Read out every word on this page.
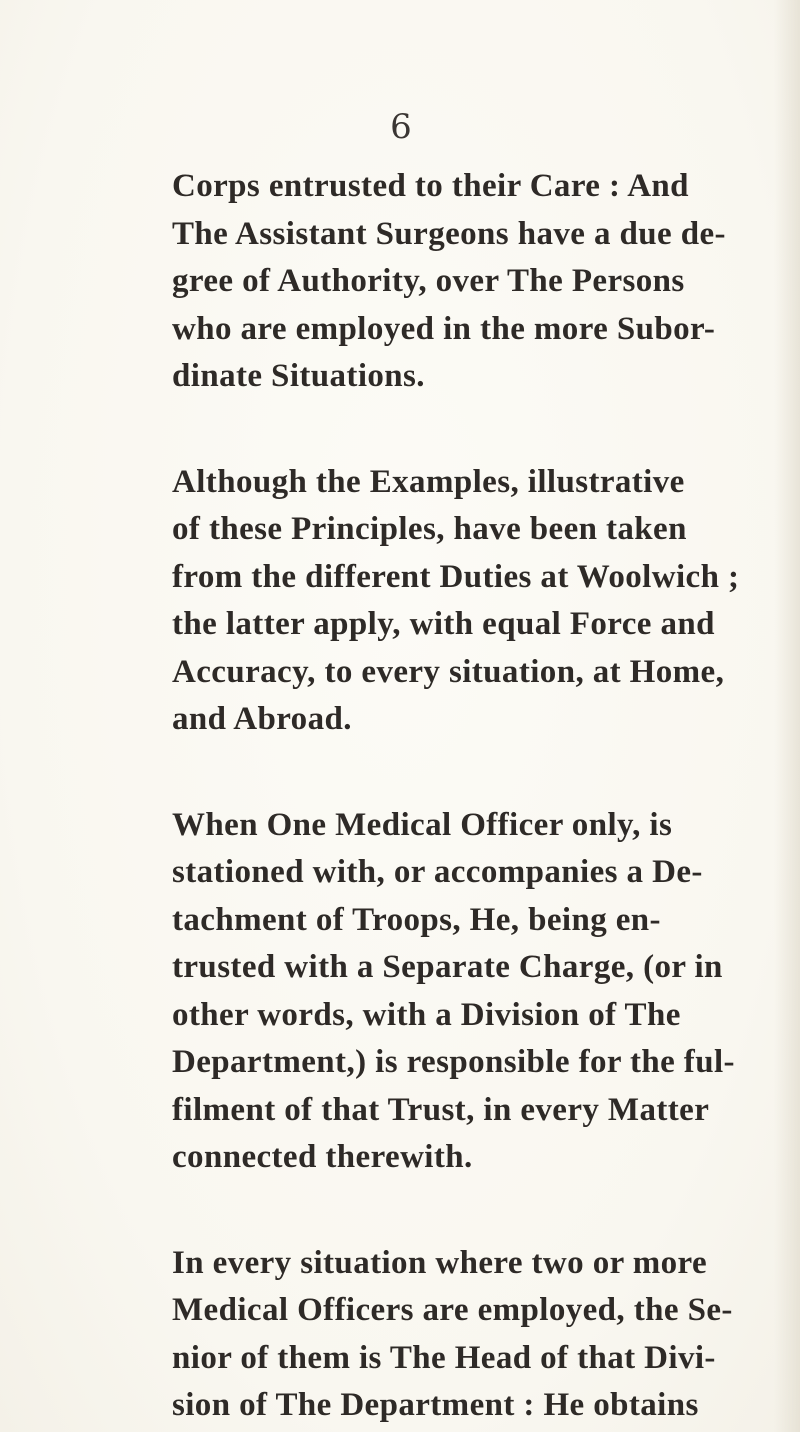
6
Corps entrusted to their Care : And
The Assistant Surgeons have a due de-
gree of Authority, over The Persons
who are employed in the more Subor-
dinate Situations.
Although the Examples, illustrative
of these Principles, have been taken
from the different Duties at Woolwich ;
the latter apply, with equal Force and
Accuracy, to every situation, at Home,
and Abroad.
When One Medical Officer only, is
stationed with, or accompanies a De-
tachment of Troops, He, being en-
trusted with a Separate Charge, (or in
other words, with a Division of The
Department,) is responsible for the ful-
filment of that Trust, in every Matter
connected therewith.
In every situation where two or more
Medical Officers are employed, the Se-
nior of them is The Head of that Divi-
sion of The Department : He obtains
